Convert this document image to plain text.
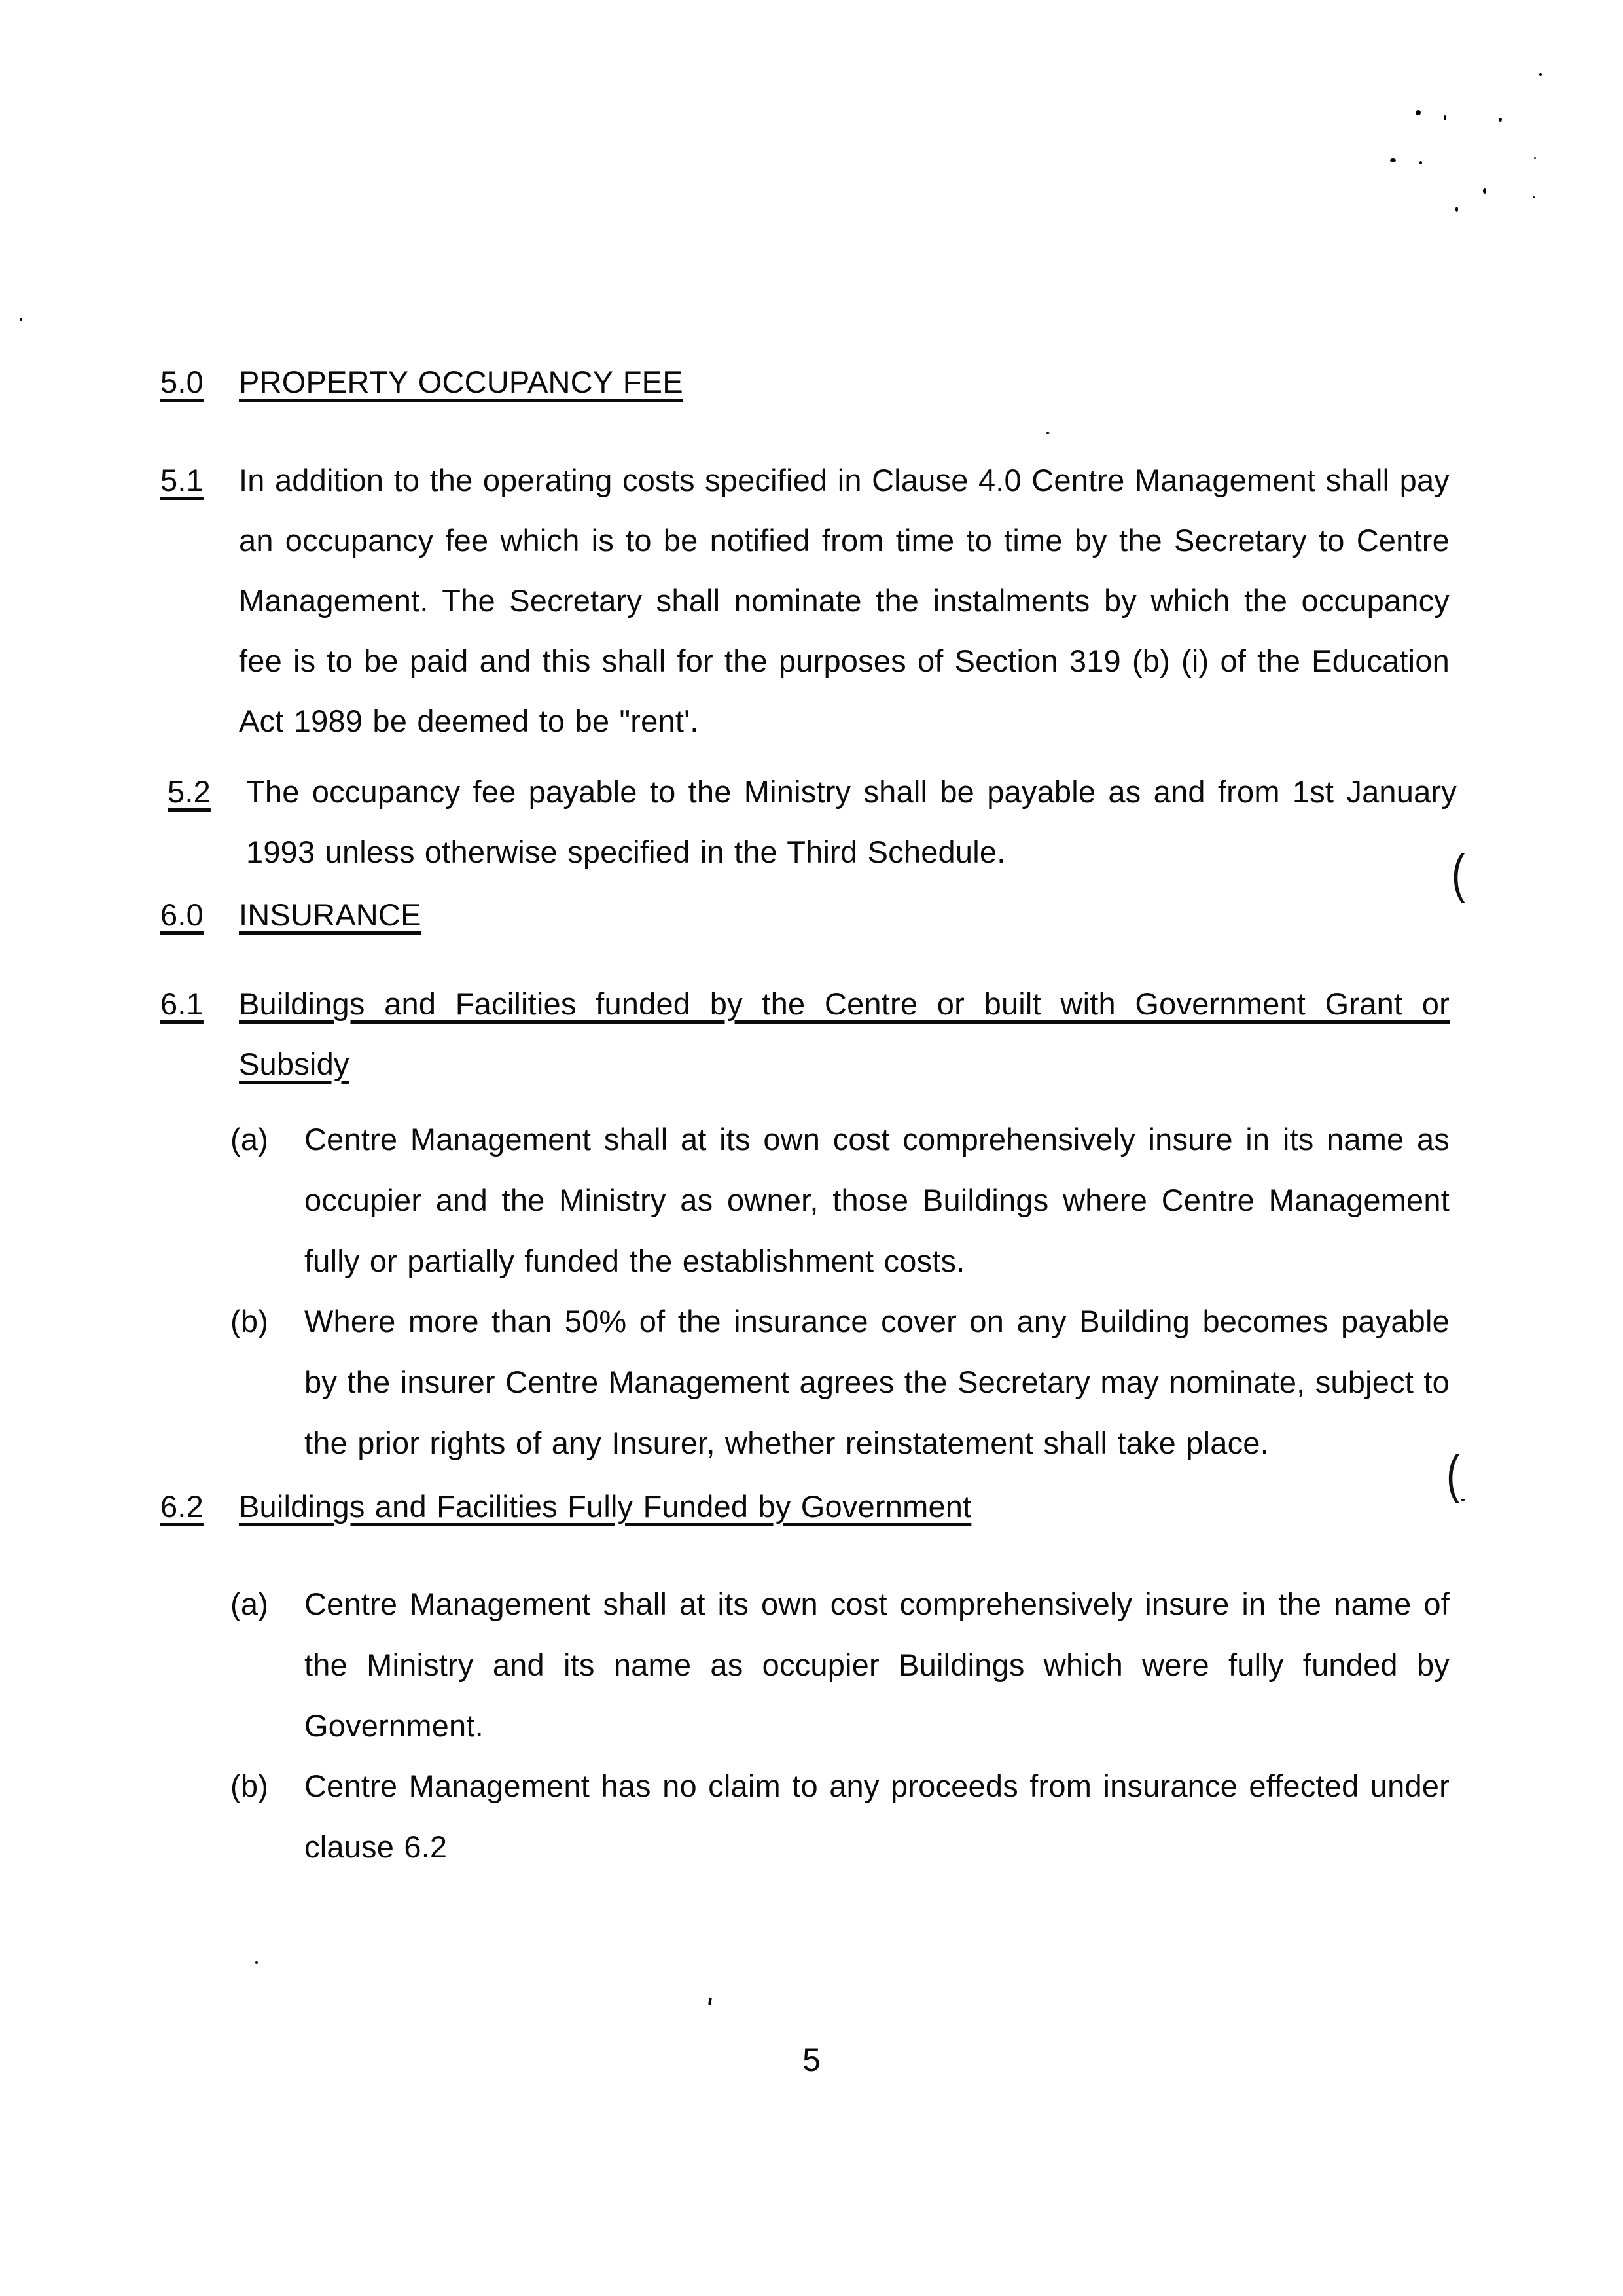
5.0	PROPERTY OCCUPANCY FEE
5.1	In addition to the operating costs specified in Clause 4.0 Centre Management shall pay an occupancy fee which is to be notified from time to time by the Secretary to Centre Management. The Secretary shall nominate the instalments by which the occupancy fee is to be paid and this shall for the purposes of Section 319 (b) (i) of the Education Act 1989 be deemed to be "rent'.
5.2	The occupancy fee payable to the Ministry shall be payable as and from 1st January 1993 unless otherwise specified in the Third Schedule.
6.0	INSURANCE
6.1	Buildings and Facilities funded by the Centre or built with Government Grant or Subsidy
(a)	Centre Management shall at its own cost comprehensively insure in its name as occupier and the Ministry as owner, those Buildings where Centre Management fully or partially funded the establishment costs.
(b)	Where more than 50% of the insurance cover on any Building becomes payable by the insurer Centre Management agrees the Secretary may nominate, subject to the prior rights of any Insurer, whether reinstatement shall take place.
6.2	Buildings and Facilities Fully Funded by Government
(a)	Centre Management shall at its own cost comprehensively insure in the name of the Ministry and its name as occupier Buildings which were fully funded by Government.
(b)	Centre Management has no claim to any proceeds from insurance effected under clause 6.2
5
(
(
